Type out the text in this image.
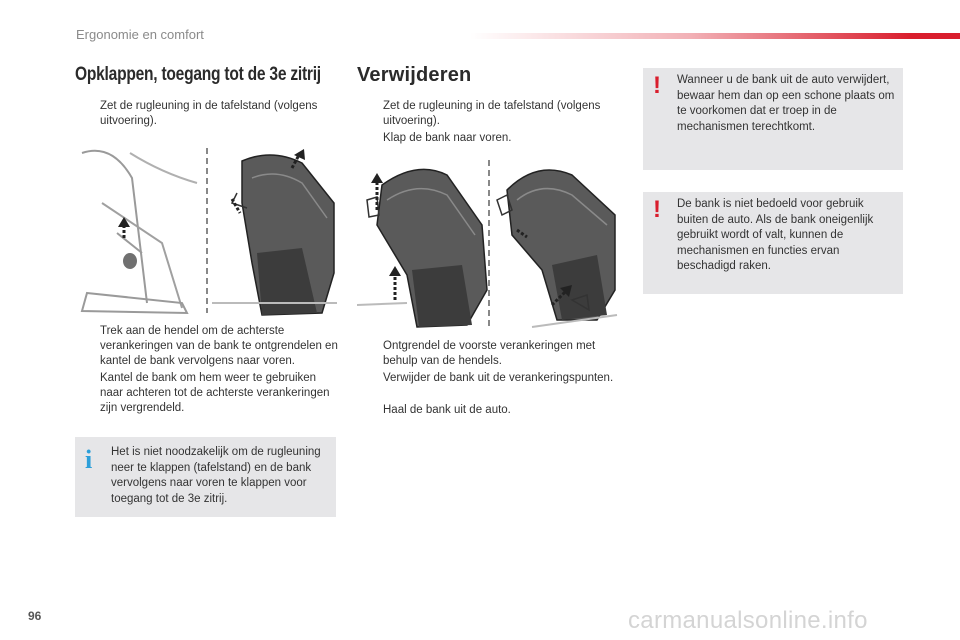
Ergonomie en comfort
Opklappen, toegang tot de 3e zitrij
Zet de rugleuning in de tafelstand (volgens uitvoering).
Trek aan de hendel om de achterste verankeringen van de bank te ontgrendelen en kantel de bank vervolgens naar voren.
Kantel de bank om hem weer te gebruiken naar achteren tot de achterste verankeringen zijn vergrendeld.
i Het is niet noodzakelijk om de rugleuning neer te klappen (tafelstand) en de bank vervolgens naar voren te klappen voor toegang tot de 3e zitrij.
Verwijderen
Zet de rugleuning in de tafelstand (volgens uitvoering).
Klap de bank naar voren.
Ontgrendel de voorste verankeringen met behulp van de hendels.
Verwijder de bank uit de verankeringspunten.
Haal de bank uit de auto.
! Wanneer u de bank uit de auto verwijdert, bewaar hem dan op een schone plaats om te voorkomen dat er troep in de mechanismen terechtkomt.
! De bank is niet bedoeld voor gebruik buiten de auto. Als de bank oneigenlijk gebruikt wordt of valt, kunnen de mechanismen en functies ervan beschadigd raken.
96	carmanualsonline.info
